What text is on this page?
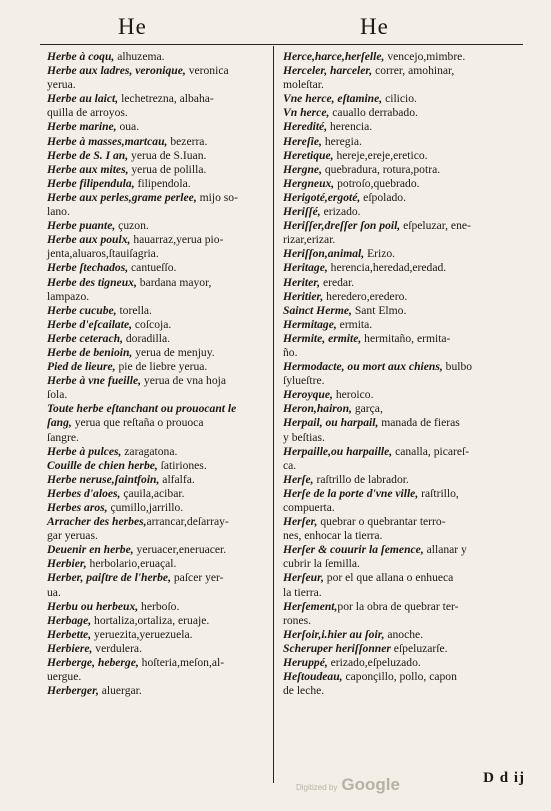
He	He

Herbe à coqu, alhuzema.

Herbe aux ladres, veronique, veronica

yerua.

Herbe au laict, lechetrezna, albaha-

quilla de arroyos.

Herbe marine, oua.

Herbe à masses,martcau, bezerra.

Herbe de S. I an, yerua de S.Iuan.

Herbe aux mites, yerua de polilla.

Herbe filipendula, filipendola.

Herbe aux perles,grame perlee, mijo so-

lano.

Herbe puante, çuzon.

Herbe aux poulx, hauarraz,yerua pio-

jenta,aluaros,ſtauiſagria.

Herbe ſtechados, cantueſſo.

Herbe des tigneux, bardana mayor,

lampazo.

Herbe cucube, torella.

Herbe d'eſcailate, coſcoja.

Herbe ceterach, doradilla.

Herbe de benioin, yerua de menjuy.

Pied de lieure, pie de liebre yerua.

Herbe à vne fueille, yerua de vna hoja

ſola.

Toute herbe eſtanchant ou prouocant le

ſang, yerua que reſtaña o prouoca

ſangre.

Herbe à pulces, zaragatona.

Couille de chien herbe, ſatiriones.

Herbe neruse,ſaintfoin, alfalfa.

Herbes d'aloes, çauila,acibar.

Herbes aros, çumillo,jarrillo.

Arracher des herbes,arrancar,deſarray-

gar yeruas.

Deuenir en herbe, yeruacer,eneruacer.

Herbier, herbolario,eruaçal.

Herber, paiſtre de l'herbe, paſcer yer-

ua.

Herbu ou herbeux, herboſo.

Herbage, hortaliza,ortaliza, eruaje.

Herbette, yeruezita,yeruezuela.

Herbiere, verdulera.

Herberge, heberge, hoſteria,meſon,al-

uergue.

Herberger, aluergar.

Herce,harce,herſelle, vencejo,mimbre.

Herceler, harceler, correr, amohinar,

moleſtar.

Vne herce, eſtamine, cilicio.

Vn herce, cauallo derrabado.

Heredité, herencia.

Hereſie, heregia.

Heretique, hereje,ereje,eretico.

Hergne, quebradura, rotura,potra.

Hergneux, potroſo,quebrado.

Herigoté,ergoté, eſpolado.

Heriſſé, erizado.

Heriſſer,dreſſer ſon poil, eſpeluzar, ene-

rizar,erizar.

Heriſſon,animal, Erizo.

Heritage, herencia,heredad,eredad.

Heriter, eredar.

Heritier, heredero,eredero.

Sainct Herme, Sant Elmo.

Hermitage, ermita.

Hermite, ermite, hermitaño, ermita-

ño.

Hermodacte, ou mort aux chiens, bulbo

ſylueſtre.

Heroyque, heroico.

Heron,hairon, garça,

Herpail, ou harpail, manada de fieras

y beſtias.

Herpaille,ou harpaille, canalla, picareſ-

ca.

Herſe, raſtrillo de labrador.

Herſe de la porte d'vne ville, raſtrillo,

compuerta.

Herſer, quebrar o quebrantar terro-

nes, enhocar la tierra.

Herſer & couurir la ſemence, allanar y

cubrir la ſemilla.

Herſeur, por el que allana o enhueca

la tierra.

Herſement,por la obra de quebrar ter-

rones.

Herſoir,i.hier au ſoir, anoche.

Scheruper heriſſonner eſpeluzarſe.

Heruppé, erizado,eſpeluzado.

Heſtoudeau, caponçillo, pollo, capon

de leche.

D d ij
Digitized by Google
